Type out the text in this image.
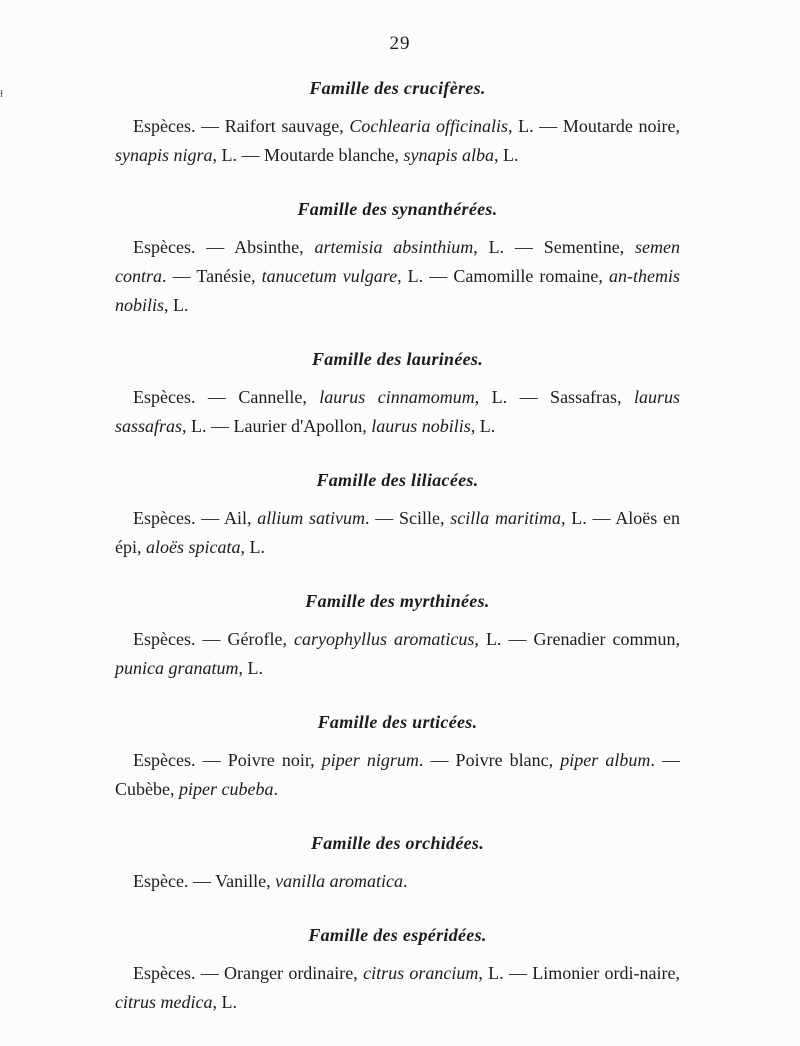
ɫ
29
Famille des crucifères.

Espèces. — Raifort sauvage, Cochlearia officinalis, L. — Moutarde noire, synapis nigra, L. — Moutarde blanche, synapis alba, L.

Famille des synanthérées.

Espèces. — Absinthe, artemisia absinthium, L. — Sementine, semen contra. — Tanésie, tanucetum vulgare, L. — Camomille romaine, an-themis nobilis, L.

Famille des laurinées.

Espèces. — Cannelle, laurus cinnamomum, L. — Sassafras, laurus sassafras, L. — Laurier d'Apollon, laurus nobilis, L.

Famille des liliacées.

Espèces. — Ail, allium sativum. — Scille, scilla maritima, L. — Aloës en épi, aloës spicata, L.

Famille des myrthinées.

Espèces. — Gérofle, caryophyllus aromaticus, L. — Grenadier commun, punica granatum, L.

Famille des urticées.

Espèces. — Poivre noir, piper nigrum. — Poivre blanc, piper album. — Cubèbe, piper cubeba.

Famille des orchidées.

Espèce. — Vanille, vanilla aromatica.

Famille des espéridées.

Espèces. — Oranger ordinaire, citrus orancium, L. — Limonier ordi-naire, citrus medica, L.
